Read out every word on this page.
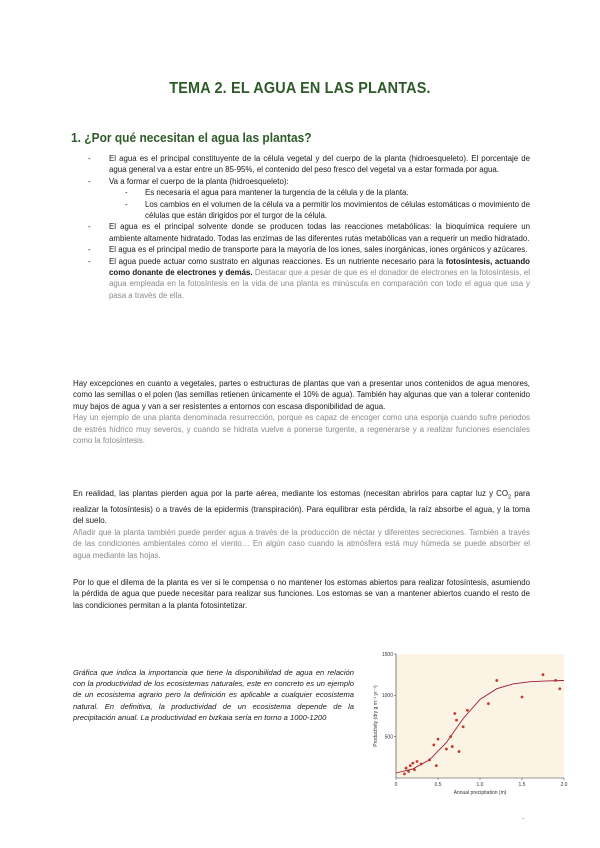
TEMA 2. EL AGUA EN LAS PLANTAS.
1. ¿Por qué necesitan el agua las plantas?

- El agua es el principal constituyente de la célula vegetal y del cuerpo de la planta (hidroesqueleto). El porcentaje de agua general va a estar entre un 85-95%, el contenido del peso fresco del vegetal va a estar formada por agua.

- Va a formar el cuerpo de la planta (hidroesqueleto):

- Es necesaria el agua para mantener la turgencia de la célula y de la planta.

- Los cambios en el volumen de la célula va a permitir los movimientos de células estomáticas o movimiento de células que están dirigidos por el turgor de la célula.

- El agua es el principal solvente donde se producen todas las reacciones metabólicas: la bioquímica requiere un ambiente altamente hidratado. Todas las enzimas de las diferentes rutas metabólicas van a requerir un medio hidratado.

- El agua es el principal medio de transporte para la mayoría de los iones, sales inorgánicas, iones orgánicos y azúcares.

- El agua puede actuar como sustrato en algunas reacciones. Es un nutriente necesario para la fotosíntesis, actuando como donante de electrones y demás. Destacar que a pesar de que es el donador de electrones en la fotosíntesis, el agua empleada en la fotosíntesis en la vida de una planta es minúscula en comparación con todo el agua que usa y pasa a través de ella.

Hay excepciones en cuanto a vegetales, partes o estructuras de plantas que van a presentar unos contenidos de agua menores, como las semillas o el polen (las semillas retienen únicamente el 10% de agua). También hay algunas que van a tolerar contenido muy bajos de agua y van a ser resistentes a entornos con escasa disponibilidad de agua.
Hay un ejemplo de una planta denominada resurrección, porque es capaz de encoger como una esponja cuando sufre periodos de estrés hídrico muy severos, y cuando se hidrata vuelve a ponerse turgente, a regenerarse y a realizar funciones esenciales como la fotosíntesis.
En realidad, las plantas pierden agua por la parte aérea, mediante los estomas (necesitan abrirlos para captar luz y $CO_2$ para realizar la fotosíntesis) o a través de la epidermis (transpiración). Para equilibrar esta pérdida, la raíz absorbe el agua, y la toma del suelo.
Añadir que la planta también puede perder agua a través de la producción de néctar y diferentes secreciones. También a través de las condiciones ambientales como el viento… En algún caso cuando la atmósfera está muy húmeda se puede absorber el agua mediante las hojas.
Por lo que el dilema de la planta es ver si le compensa o no mantener los estomas abiertos para realizar fotosíntesis, asumiendo la pérdida de agua que puede necesitar para realizar sus funciones. Los estomas se van a mantener abiertos cuando el resto de las condiciones permitan a la planta fotosintetizar.
Gráfica que indica la importancia que tiene la disponibilidad de agua en relación con la productividad de los ecosistemas naturales, este en concreto es un ejemplo de un ecosistema agrario pero la definición es aplicable a cualquier ecosistema natural. En definitiva, la productividad de un ecosistema depende de la precipitación anual. La productividad en bizkaia sería en torno a 1000-1200
0	0.5	1.0	1.5	2.0
500
1000
1500
Annual precipitation (m)
Productivity (dry g m⁻² yr⁻¹)
.
